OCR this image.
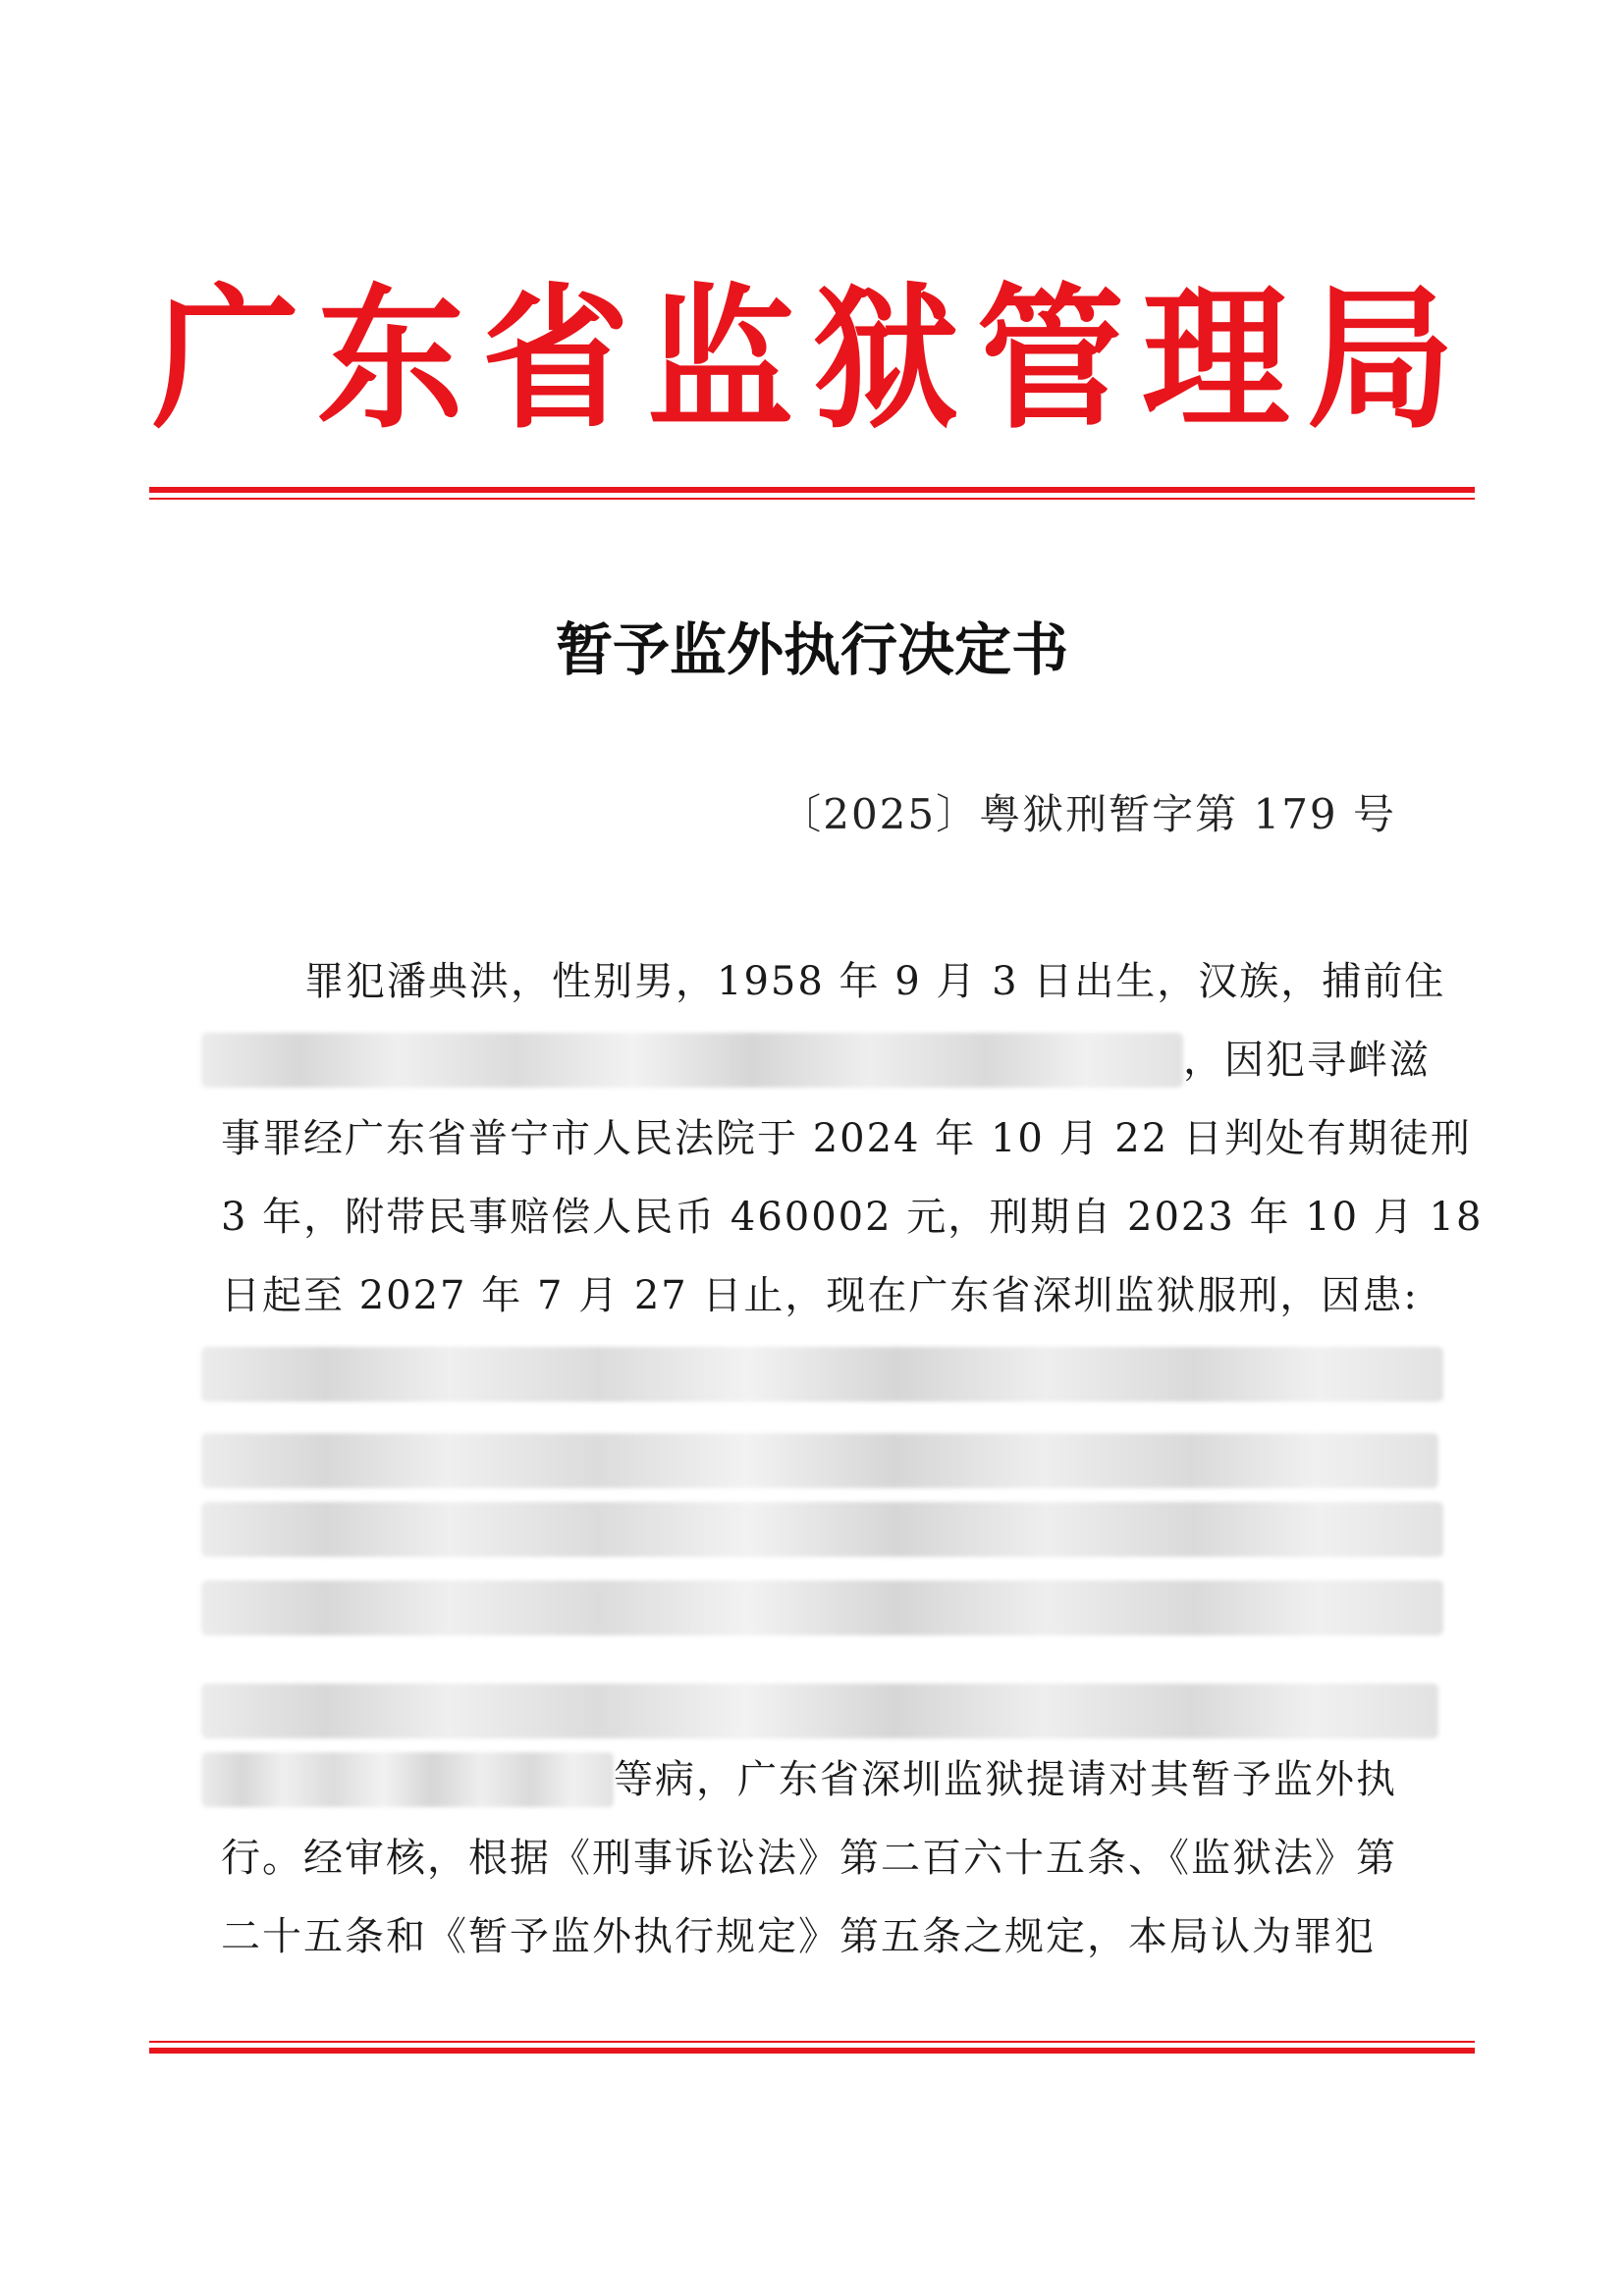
广东省监狱管理局
暂予监外执行决定书
〔2025〕粤狱刑暂字第 179 号
罪犯潘典洪，性别男，1958 年 9 月 3 日出生，汉族，捕前住
，因犯寻衅滋
事罪经广东省普宁市人民法院于 2024 年 10 月 22 日判处有期徒刑
3 年，附带民事赔偿人民币 460002 元，刑期自 2023 年 10 月 18
日起至 2027 年 7 月 27 日止，现在广东省深圳监狱服刑，因患:
等病，广东省深圳监狱提请对其暂予监外执
行。经审核，根据《刑事诉讼法》第二百六十五条、《监狱法》第
二十五条和《暂予监外执行规定》第五条之规定，本局认为罪犯
